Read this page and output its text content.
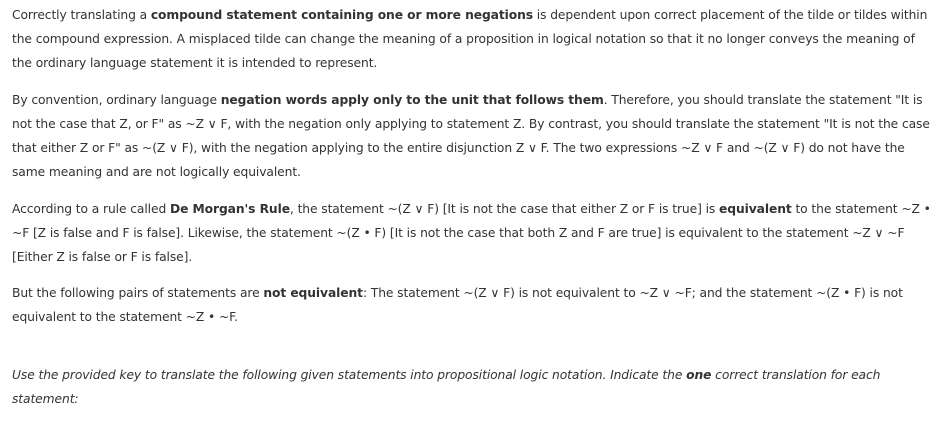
Correctly translating a compound statement containing one or more negations is dependent upon correct placement of the tilde or tildes within the compound expression. A misplaced tilde can change the meaning of a proposition in logical notation so that it no longer conveys the meaning of the ordinary language statement it is intended to represent.

By convention, ordinary language negation words apply only to the unit that follows them. Therefore, you should translate the statement "It is not the case that Z, or F" as ~Z ∨ F, with the negation only applying to statement Z. By contrast, you should translate the statement "It is not the case that either Z or F" as ~(Z ∨ F), with the negation applying to the entire disjunction Z ∨ F. The two expressions ~Z ∨ F and ~(Z ∨ F) do not have the same meaning and are not logically equivalent.

According to a rule called De Morgan's Rule, the statement ~(Z ∨ F) [It is not the case that either Z or F is true] is equivalent to the statement ~Z • ~F [Z is false and F is false]. Likewise, the statement ~(Z • F) [It is not the case that both Z and F are true] is equivalent to the statement ~Z ∨ ~F [Either Z is false or F is false].

But the following pairs of statements are not equivalent: The statement ~(Z ∨ F) is not equivalent to ~Z ∨ ~F; and the statement ~(Z • F) is not equivalent to the statement ~Z • ~F.

Use the provided key to translate the following given statements into propositional logic notation. Indicate the one correct translation for each statement:
